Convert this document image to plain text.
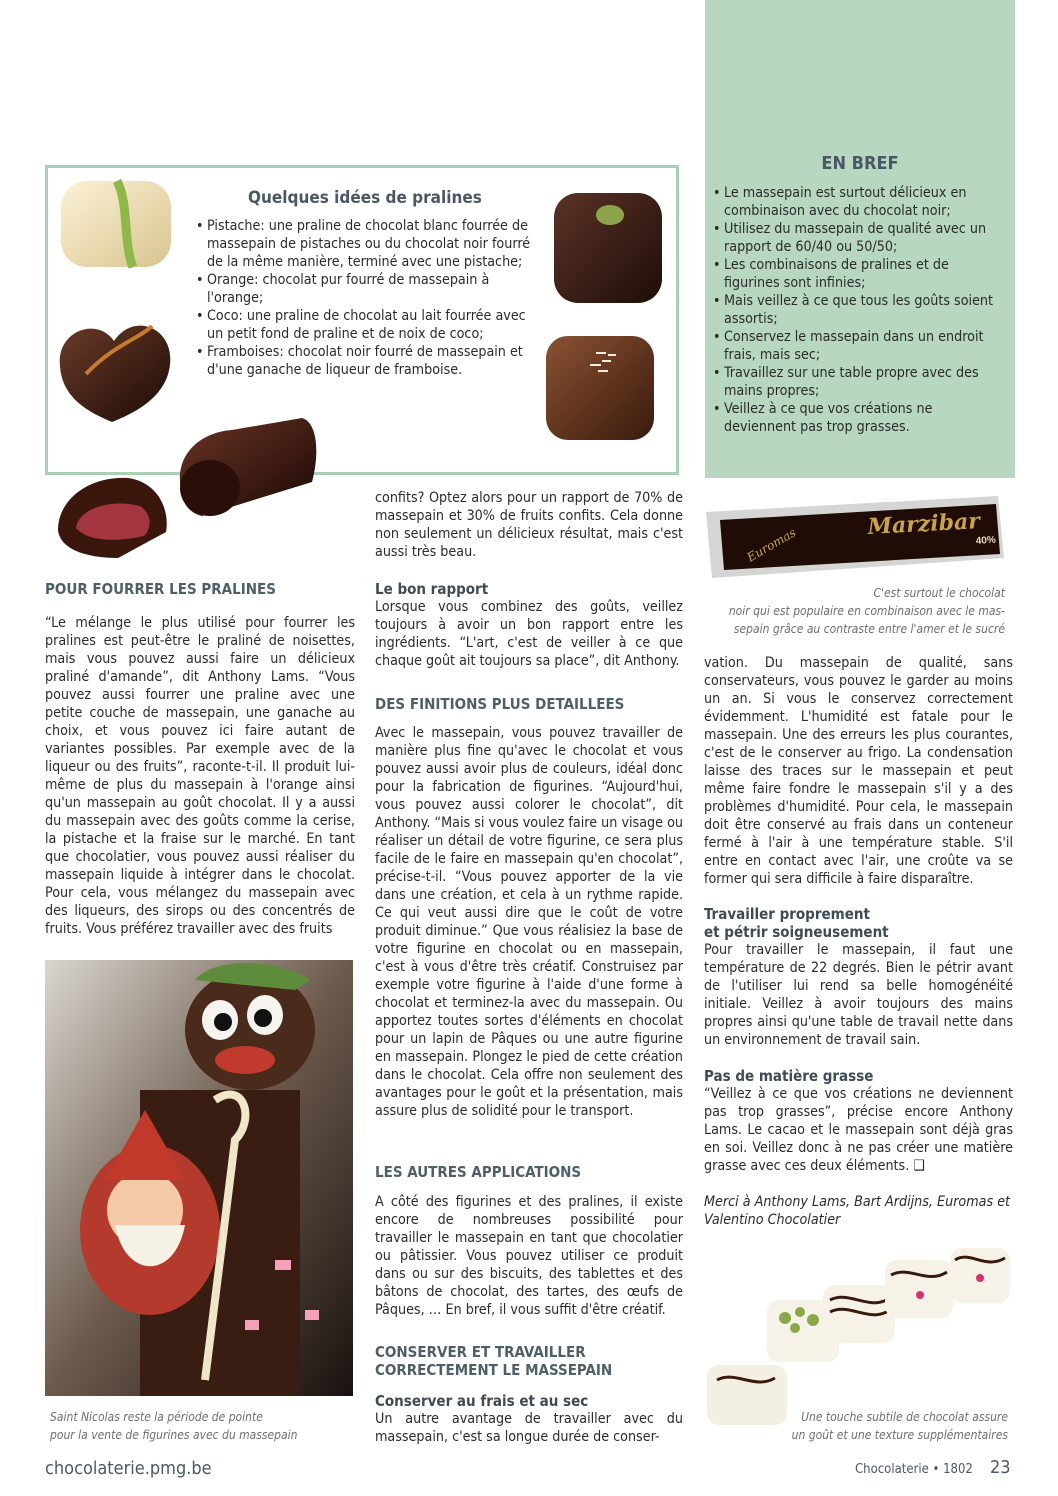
EN BREF
• Le massepain est surtout délicieux en combinaison avec du chocolat noir;
• Utilisez du massepain de qualité avec un rapport de 60/40 ou 50/50;
• Les combinaisons de pralines et de figurines sont infinies;
• Mais veillez à ce que tous les goûts soient assortis;
• Conservez le massepain dans un endroit frais, mais sec;
• Travaillez sur une table propre avec des mains propres;
• Veillez à ce que vos créations ne deviennent pas trop grasses.
Quelques idées de pralines
• Pistache: une praline de chocolat blanc fourrée de massepain de pistaches ou du chocolat noir fourré de la même manière, terminé avec une pistache;
• Orange: chocolat pur fourré de massepain à l'orange;
• Coco: une praline de chocolat au lait fourrée avec un petit fond de praline et de noix de coco;
• Framboises: chocolat noir fourré de massepain et d'une ganache de liqueur de framboise.
POUR FOURRER LES PRALINES

“Le mélange le plus utilisé pour fourrer les pralines est peut-être le praliné de noisettes, mais vous pouvez aussi faire un délicieux praliné d'amande”, dit Anthony Lams. “Vous pouvez aussi fourrer une praline avec une petite couche de massepain, une ganache au choix, et vous pouvez ici faire autant de variantes possibles. Par exemple avec de la liqueur ou des fruits”, raconte-t-il. Il produit lui-même de plus du massepain à l'orange ainsi qu'un massepain au goût chocolat. Il y a aussi du massepain avec des goûts comme la cerise, la pistache et la fraise sur le marché. En tant que chocolatier, vous pouvez aussi réaliser du massepain liquide à intégrer dans le chocolat. Pour cela, vous mélangez du massepain avec des liqueurs, des sirops ou des concentrés de fruits. Vous préférez travailler avec des fruits

Saint Nicolas reste la période de pointe
pour la vente de figurines avec du massepain

confits? Optez alors pour un rapport de 70% de massepain et 30% de fruits confits. Cela donne non seulement un délicieux résultat, mais c'est aussi très beau.

Le bon rapport

Lorsque vous combinez des goûts, veillez toujours à avoir un bon rapport entre les ingrédients. “L'art, c'est de veiller à ce que chaque goût ait toujours sa place”, dit Anthony.

DES FINITIONS PLUS DETAILLEES

Avec le massepain, vous pouvez travailler de manière plus fine qu'avec le chocolat et vous pouvez aussi avoir plus de couleurs, idéal donc pour la fabrication de figurines. “Aujourd'hui, vous pouvez aussi colorer le chocolat”, dit Anthony. “Mais si vous voulez faire un visage ou réaliser un détail de votre figurine, ce sera plus facile de le faire en massepain qu'en chocolat”, précise-t-il. “Vous pouvez apporter de la vie dans une création, et cela à un rythme rapide. Ce qui veut aussi dire que le coût de votre produit diminue.” Que vous réalisiez la base de votre figurine en chocolat ou en massepain, c'est à vous d'être très créatif. Construisez par exemple votre figurine à l'aide d'une forme à chocolat et terminez-la avec du massepain. Ou apportez toutes sortes d'éléments en chocolat pour un lapin de Pâques ou une autre figurine en massepain. Plongez le pied de cette création dans le chocolat. Cela offre non seulement des avantages pour le goût et la présentation, mais assure plus de solidité pour le transport.

LES AUTRES APPLICATIONS

A côté des figurines et des pralines, il existe encore de nombreuses possibilité pour travailler le massepain en tant que chocolatier ou pâtissier. Vous pouvez utiliser ce produit dans ou sur des biscuits, des tablettes et des bâtons de chocolat, des tartes, des œufs de Pâques, … En bref, il vous suffit d'être créatif.

CONSERVER ET TRAVAILLER
CORRECTEMENT LE MASSEPAIN
Conserver au frais et au sec

Un autre avantage de travailler avec du massepain, c'est sa longue durée de conser-

Marzibar
Euromas	40%
C'est surtout le chocolat
noir qui est populaire en combinaison avec le mas-
sepain grâce au contraste entre l'amer et le sucré

vation. Du massepain de qualité, sans conservateurs, vous pouvez le garder au moins un an. Si vous le conservez correctement évidemment. L'humidité est fatale pour le massepain. Une des erreurs les plus courantes, c'est de le conserver au frigo. La condensation laisse des traces sur le massepain et peut même faire fondre le massepain s'il y a des problèmes d'humidité. Pour cela, le massepain doit être conservé au frais dans un conteneur fermé à l'air à une température stable. S'il entre en contact avec l'air, une croûte va se former qui sera difficile à faire disparaître.

Travailler proprement
et pétrir soigneusement

Pour travailler le massepain, il faut une température de 22 degrés. Bien le pétrir avant de l'utiliser lui rend sa belle homogénéité initiale. Veillez à avoir toujours des mains propres ainsi qu'une table de travail nette dans un environnement de travail sain.

Pas de matière grasse

“Veillez à ce que vos créations ne deviennent pas trop grasses”, précise encore Anthony Lams. Le cacao et le massepain sont déjà gras en soi. Veillez donc à ne pas créer une matière grasse avec ces deux éléments. ❑

Merci à Anthony Lams, Bart Ardijns, Euromas et Valentino Chocolatier

Une touche subtile de chocolat assure
un goût et une texture supplémentaires
chocolaterie.pmg.be	Chocolaterie • 1802 23
